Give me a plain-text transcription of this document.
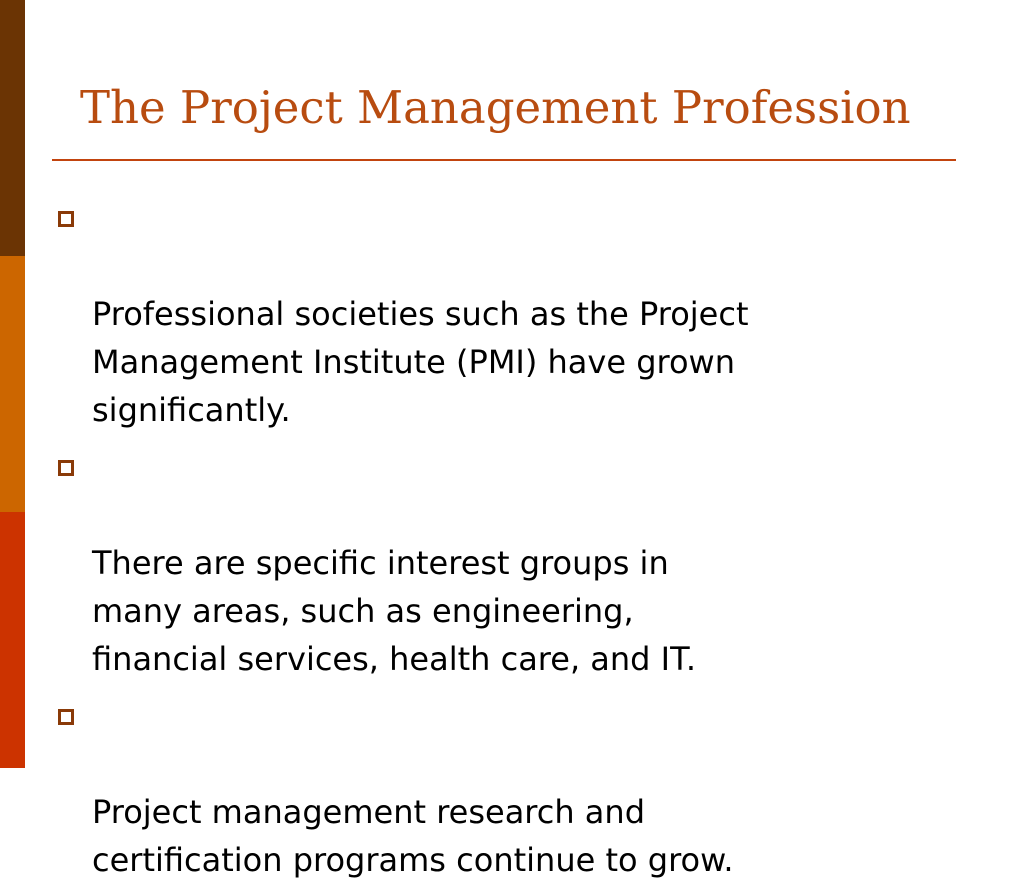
The Project Management Profession

Professional societies such as the Project
Management Institute (PMI) have grown
significantly.

There are specific interest groups in
many areas, such as engineering,
financial services, health care, and IT.

Project management research and
certification programs continue to grow.
